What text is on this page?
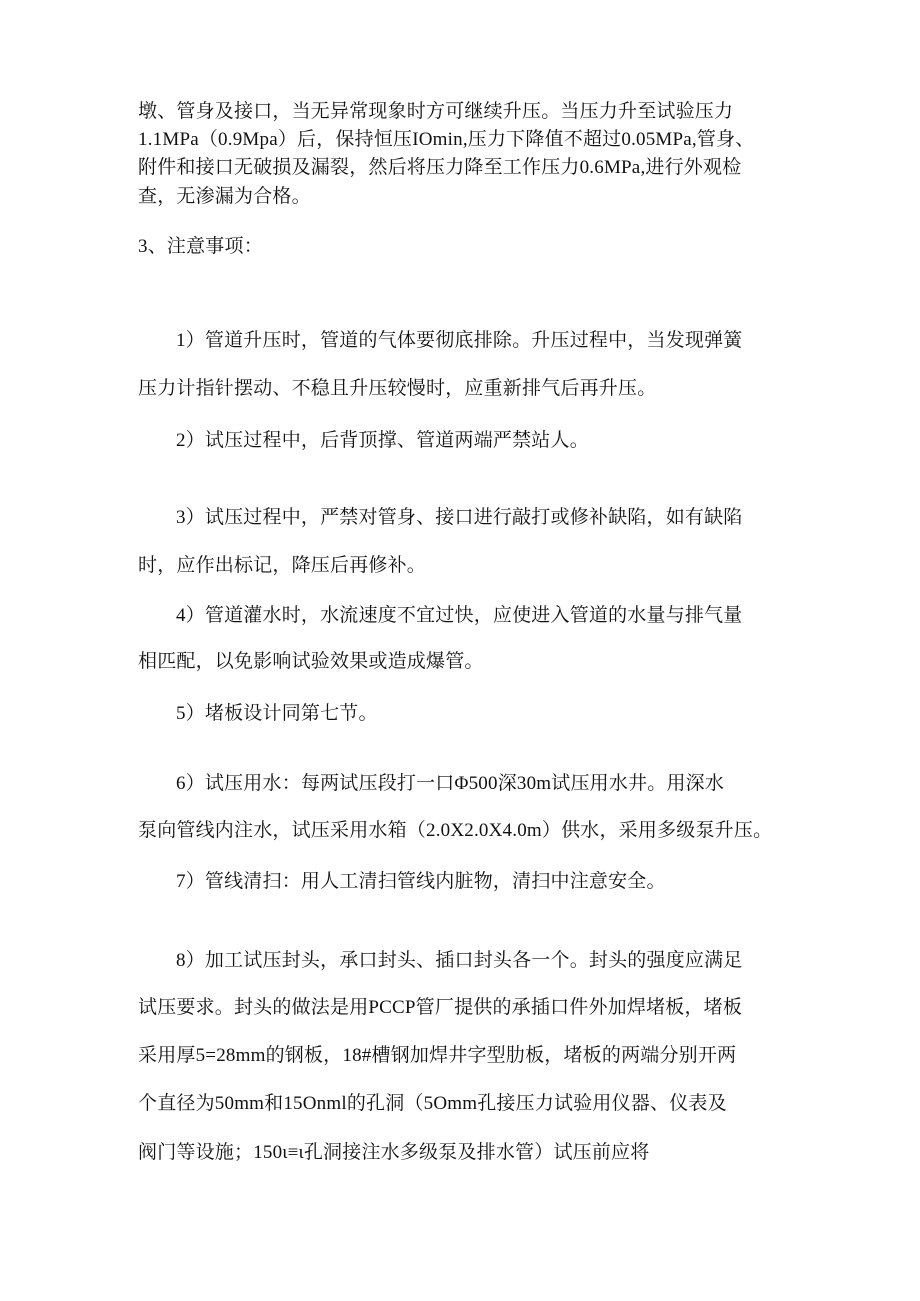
墩、管身及接口，当无异常现象时方可继续升压。当压力升至试验压力
1.1MPa（0.9Mpa）后，保持恒压IOmin,压力下降值不超过0.05MPa,管身、
附件和接口无破损及漏裂，然后将压力降至工作压力0.6MPa,进行外观检
查，无渗漏为合格。
3、注意事项：
1）管道升压时，管道的气体要彻底排除。升压过程中，当发现弹簧
压力计指针摆动、不稳且升压较慢时，应重新排气后再升压。
2）试压过程中，后背顶撑、管道两端严禁站人。
3）试压过程中，严禁对管身、接口进行敲打或修补缺陷，如有缺陷
时，应作出标记，降压后再修补。
4）管道灌水时，水流速度不宜过快，应使进入管道的水量与排气量
相匹配，以免影响试验效果或造成爆管。
5）堵板设计同第七节。
6）试压用水：每两试压段打一口Φ500深30m试压用水井。用深水
泵向管线内注水，试压采用水箱（2.0X2.0X4.0m）供水，采用多级泵升压。
7）管线清扫：用人工清扫管线内脏物，清扫中注意安全。
8）加工试压封头，承口封头、插口封头各一个。封头的强度应满足
试压要求。封头的做法是用PCCP管厂提供的承插口件外加焊堵板，堵板
采用厚5=28mm的钢板，18#槽钢加焊井字型肋板，堵板的两端分别开两
个直径为50mm和15Onml的孔洞（5Omm孔接压力试验用仪器、仪表及
阀门等设施；150ι≡ι孔洞接注水多级泵及排水管）试压前应将
